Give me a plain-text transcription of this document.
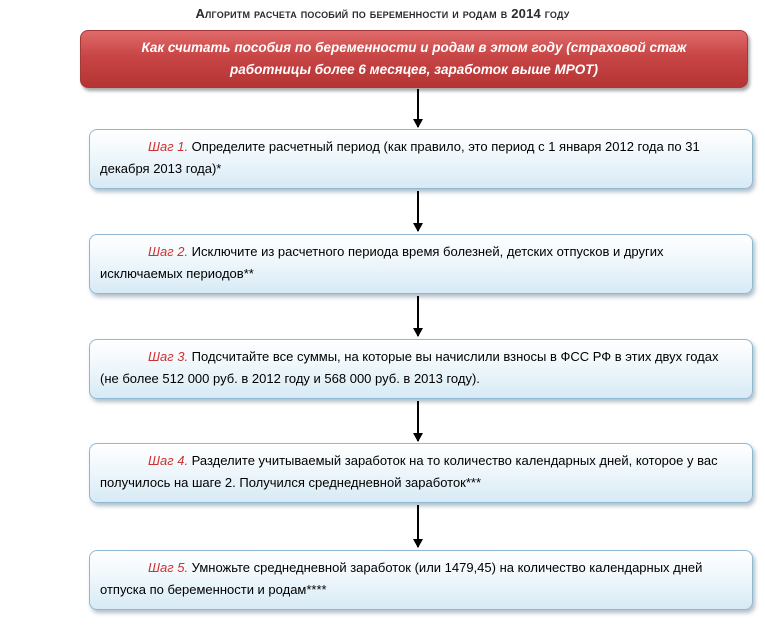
Алгоритм расчета пособий по беременности и родам в 2014 году
Как считать пособия по беременности и родам в этом году (страховой стаж работницы более 6 месяцев, заработок выше МРОТ)
Шаг 1. Определите расчетный период (как правило, это период с 1 января 2012 года по 31 декабря 2013 года)*
Шаг 2. Исключите из расчетного периода время болезней, детских отпусков и других исключаемых периодов**
Шаг 3. Подсчитайте все суммы, на которые вы начислили взносы в ФСС РФ в этих двух годах (не более 512 000 руб. в 2012 году и 568 000 руб. в 2013 году).
Шаг 4. Разделите учитываемый заработок на то количество календарных дней, которое у вас получилось на шаге 2. Получился среднедневной заработок***
Шаг 5. Умножьте среднедневной заработок (или 1479,45) на количество календарных дней отпуска по беременности и родам****
